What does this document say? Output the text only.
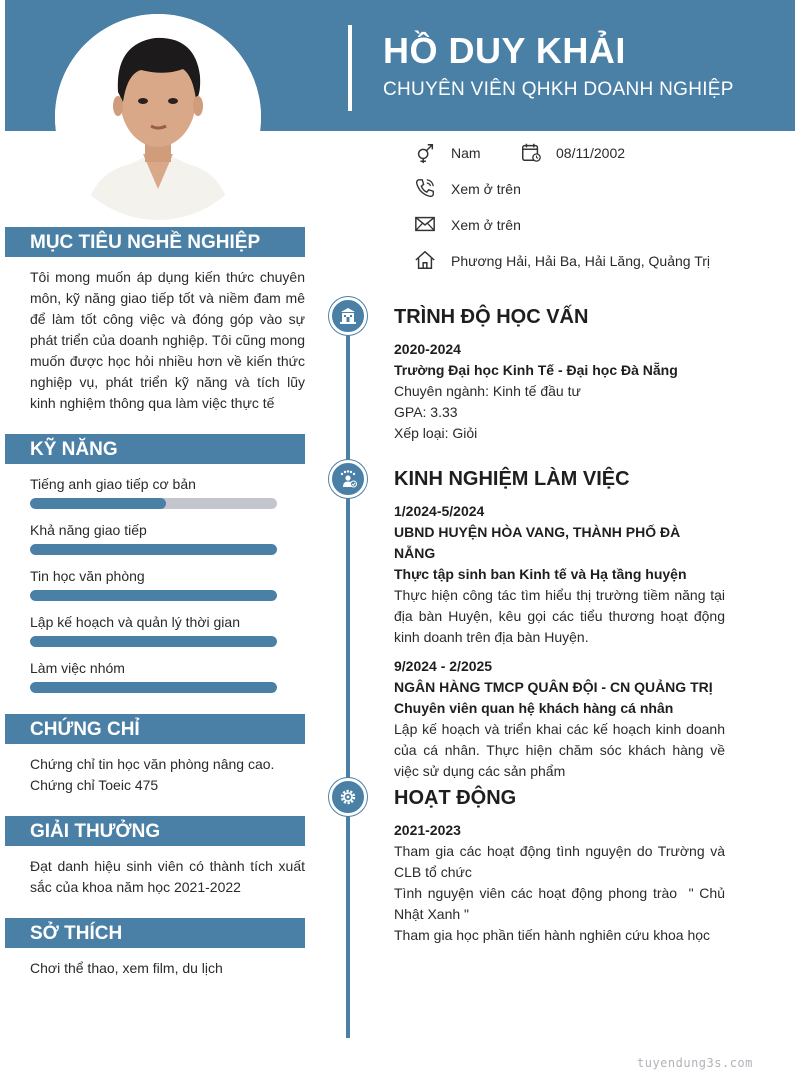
HỒ DUY KHẢI
CHUYÊN VIÊN QHKH DOANH NGHIỆP
Nam	08/11/2002
Xem ở trên
Xem ở trên
Phương Hải, Hải Ba, Hải Lăng, Quảng Trị
MỤC TIÊU NGHỀ NGHIỆP
Tôi mong muốn áp dụng kiến thức chuyên môn, kỹ năng giao tiếp tốt và niềm đam mê để làm tốt công việc và đóng góp vào sự phát triển của doanh nghiệp. Tôi cũng mong muốn được học hỏi nhiều hơn về kiến thức nghiệp vụ, phát triển kỹ năng và tích lũy kinh nghiệm thông qua làm việc thực tế
KỸ NĂNG
Tiếng anh giao tiếp cơ bản
Khả năng giao tiếp
Tin học văn phòng
Lập kế hoạch và quản lý thời gian
Làm việc nhóm
CHỨNG CHỈ
Chứng chỉ tin học văn phòng nâng cao.
Chứng chỉ Toeic 475
GIẢI THƯỞNG
Đạt danh hiệu sinh viên có thành tích xuất sắc của khoa năm học 2021-2022
SỞ THÍCH
Chơi thể thao, xem film, du lịch
TRÌNH ĐỘ HỌC VẤN
2020-2024
Trường Đại học Kinh Tế - Đại học Đà Nẵng
Chuyên ngành: Kinh tế đầu tư
GPA: 3.33
Xếp loại: Giỏi
KINH NGHIỆM LÀM VIỆC
1/2024-5/2024
UBND HUYỆN HÒA VANG, THÀNH PHỐ ĐÀ NẴNG
Thực tập sinh ban Kinh tế và Hạ tầng huyện
Thực hiện công tác tìm hiểu thị trường tiềm năng tại địa bàn Huyện, kêu gọi các tiểu thương hoạt động kinh doanh trên địa bàn Huyện.
9/2024 - 2/2025
NGÂN HÀNG TMCP QUÂN ĐỘI - CN QUẢNG TRỊ
Chuyên viên quan hệ khách hàng cá nhân
Lập kế hoạch và triển khai các kế hoạch kinh doanh của cá nhân. Thực hiện chăm sóc khách hàng về việc sử dụng các sản phẩm
HOẠT ĐỘNG
2021-2023
Tham gia các hoạt động tình nguyện do Trường và CLB tổ chức
Tình nguyện viên các hoạt động phong trào  " Chủ Nhật Xanh "
Tham gia học phần tiến hành nghiên cứu khoa học
tuyendung3s.com
